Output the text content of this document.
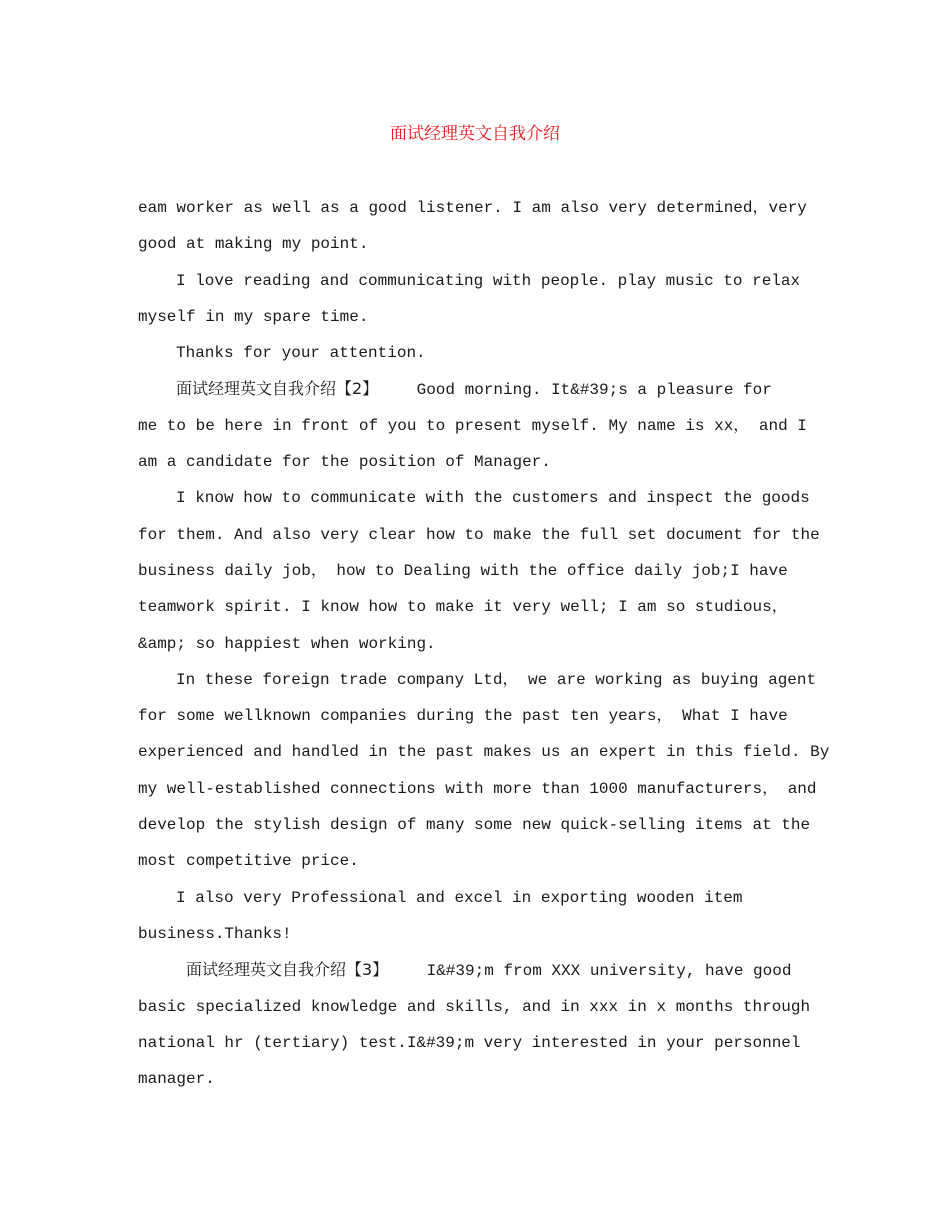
面试经理英文自我介绍
eam worker as well as a good listener. I am also very determined，very
good at making my point.
I love reading and communicating with people. play music to relax
myself in my spare time.
Thanks for your attention.
面试经理英文自我介绍【2】    Good morning. It&#39;s a pleasure for
me to be here in front of you to present myself. My name is xx， and I
am a candidate for the position of Manager.
I know how to communicate with the customers and inspect the goods
for them. And also very clear how to make the full set document for the
business daily job， how to Dealing with the office daily job;I have
teamwork spirit. I know how to make it very well; I am so studious，
&amp; so happiest when working.
In these foreign trade company Ltd， we are working as buying agent
for some wellknown companies during the past ten years， What I have
experienced and handled in the past makes us an expert in this field. By
my well-established connections with more than 1000 manufacturers， and
develop the stylish design of many some new quick-selling items at the
most competitive price.
I also very Professional and excel in exporting wooden item
business.Thanks!
面试经理英文自我介绍【3】    I&#39;m from XXX university, have good
basic specialized knowledge and skills, and in xxx in x months through
national hr (tertiary) test.I&#39;m very interested in your personnel
manager.
